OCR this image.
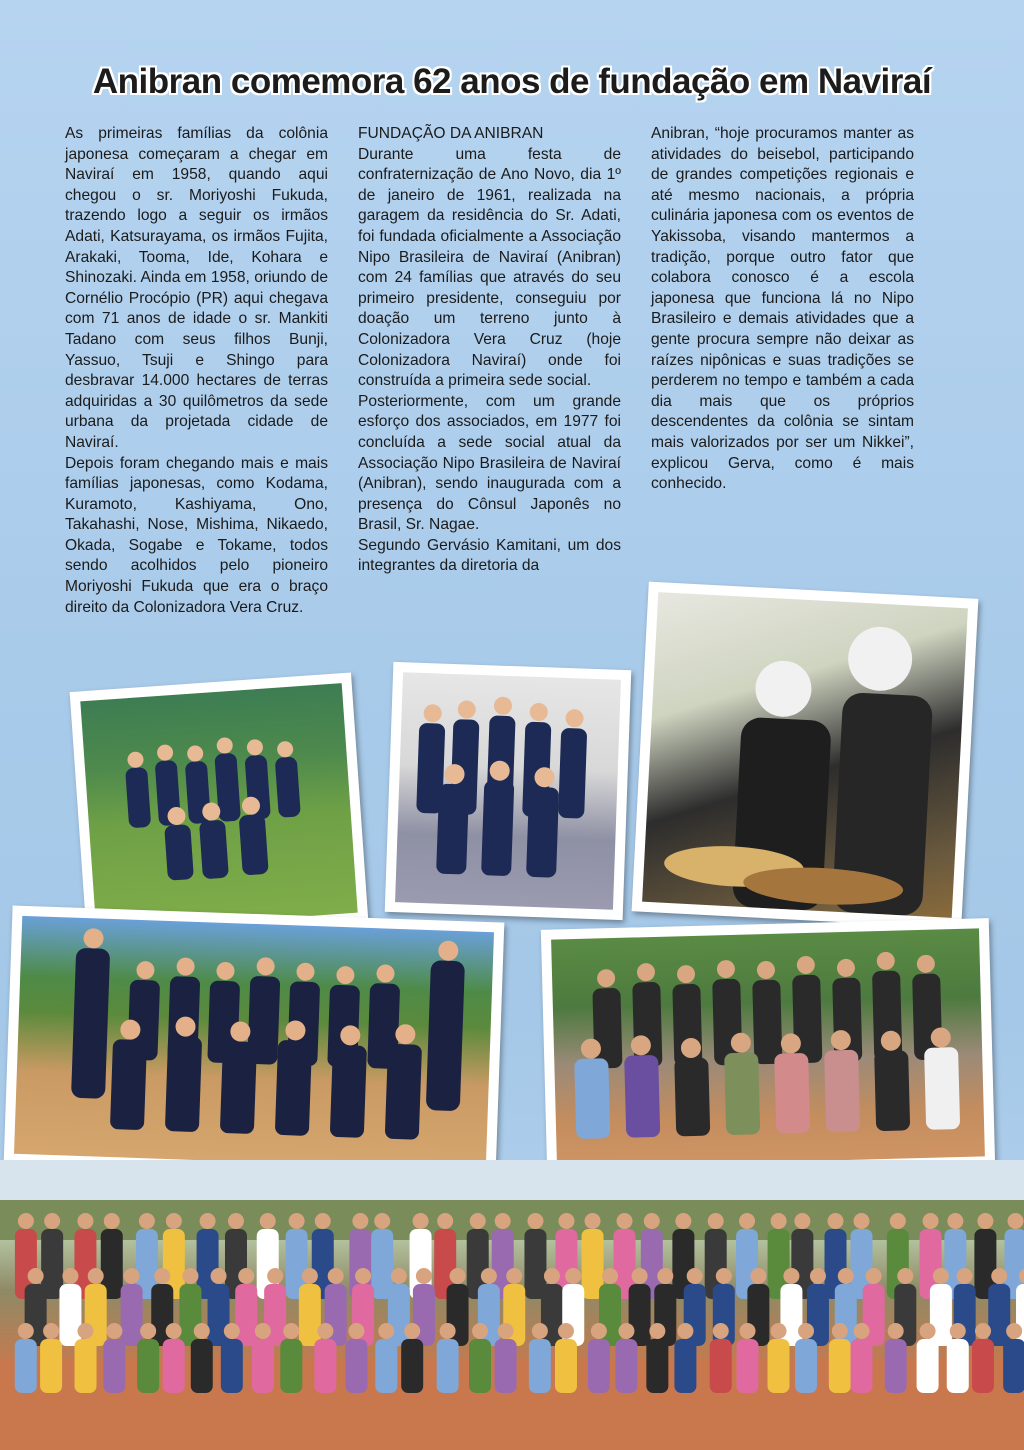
Anibran comemora 62 anos de fundação em Naviraí

As primeiras famílias da colônia japonesa começaram a chegar em Naviraí em 1958, quando aqui chegou o sr. Moriyoshi Fukuda, trazendo logo a seguir os irmãos Adati, Katsurayama, os irmãos Fujita, Arakaki, Tooma, Ide, Kohara e Shinozaki. Ainda em 1958, oriundo de Cornélio Procópio (PR) aqui chegava com 71 anos de idade o sr. Mankiti Tadano com seus filhos Bunji, Yassuo, Tsuji e Shingo para desbravar 14.000 hectares de terras adquiridas a 30 quilômetros da sede urbana da projetada cidade de Naviraí.

Depois foram chegando mais e mais famílias japonesas, como Kodama, Kuramoto, Kashiyama, Ono, Takahashi, Nose, Mishima, Nikaedo, Okada, Sogabe e Tokame, todos sendo acolhidos pelo pioneiro Moriyoshi Fukuda que era o braço direito da Colonizadora Vera Cruz.

FUNDAÇÃO DA ANIBRAN

Durante uma festa de confraternização de Ano Novo, dia 1º de janeiro de 1961, realizada na garagem da residência do Sr. Adati, foi fundada oficialmente a Associação Nipo Brasileira de Naviraí (Anibran) com 24 famílias que através do seu primeiro presidente, conseguiu por doação um terreno junto à Colonizadora Vera Cruz (hoje Colonizadora Naviraí) onde foi construída a primeira sede social.

Posteriormente, com um grande esforço dos associados, em 1977 foi concluída a sede social atual da Associação Nipo Brasileira de Naviraí (Anibran), sendo inaugurada com a presença do Cônsul Japonês no Brasil, Sr. Nagae.

Segundo Gervásio Kamitani, um dos integrantes da diretoria da

Anibran, “hoje procuramos manter as atividades do beisebol, participando de grandes competições regionais e até mesmo nacionais, a própria culinária japonesa com os eventos de Yakissoba, visando mantermos a tradição, porque outro fator que colabora conosco é a escola japonesa que funciona lá no Nipo Brasileiro e demais atividades que a gente procura sempre não deixar as raízes nipônicas e suas tradições se perderem no tempo e também a cada dia mais que os próprios descendentes da colônia se sintam mais valorizados por ser um Nikkei”, explicou Gerva, como é mais conhecido.
